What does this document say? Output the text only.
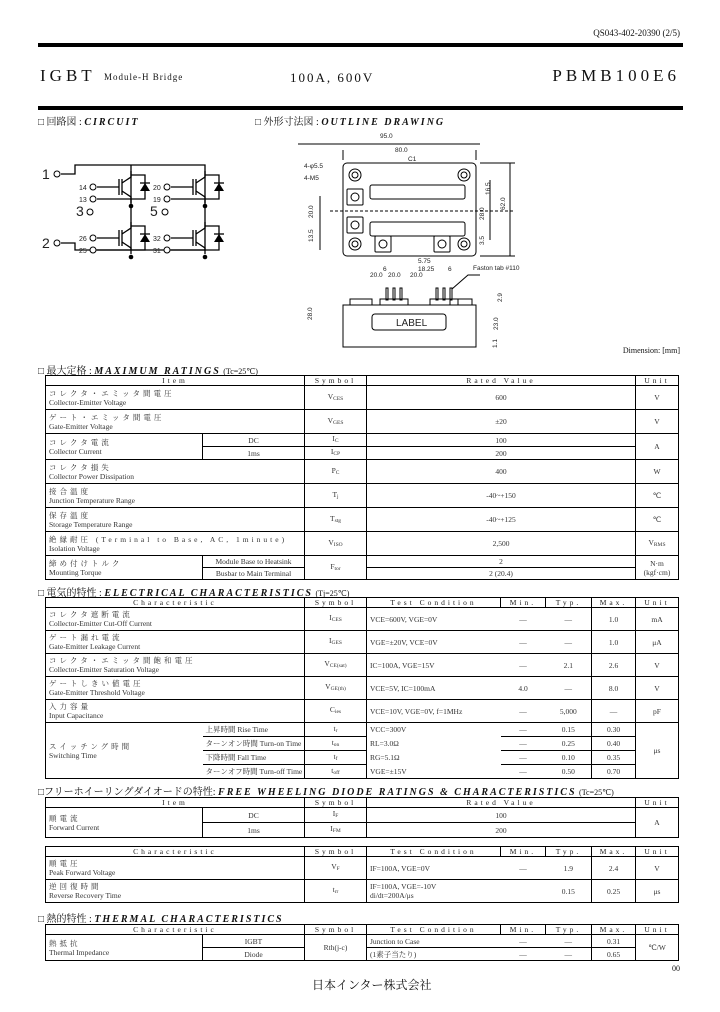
QS043-402-20390 (2/5)
IGBT Module-H Bridge	100A, 600V	PBMB100E6
□ 回路図 : CIRCUIT	□ 外形寸法図 : OUTLINE DRAWING
14
13
26
25
20
19
32
31
1
2
3	5
95.0
80.0
C1
4-φ5.5
4-M5
16.5
28.0
62.0
3.5
20.0
13.5
5.75
18.25
20.0 20.0 20.0
6	6	Faston tab #110
28.0
23.0
2.9
1.1
LABEL
Dimension: [mm]
□ 最大定格 : MAXIMUM RATINGS (Tc=25℃)
Item		Symbol	Rated Value	Unit

コレクタ・エミッタ間電圧
Collector-Emitter Voltage		$V_{CES}$	600	V

ゲート・エミッタ間電圧
Gate-Emitter Voltage		$V_{GES}$	±20	V

コレクタ電流
Collector Current	DC	$I_C$	100	A
	1ms	$I_{CP}$	200	

コレクタ損失
Collector Power Dissipation		$P_C$	400	W

接合温度
Junction Temperature Range		$T_j$	-40~+150	℃

保存温度
Storage Temperature Range		$T_{stg}$	-40~+125	℃

絶縁耐圧 (Terminal to Base, AC, 1minute)
Isolation Voltage		$V_{ISO}$	2,500	$V_{RMS}$

締め付けトルク
Mounting Torque	Module Base to Heatsink	$F_{tor}$	2	N·m (kgf·cm)
	Busbar to Main Terminal		2 (20.4)	
□ 電気的特性 : ELECTRICAL CHARACTERISTICS (Tj=25℃)
Characteristic		Symbol	Test Condition	Min.	Typ.	Max.	Unit

コレクタ遮断電流
Collector-Emitter Cut-Off Current		$I_{CES}$	VCE=600V, VGE=0V	—	—	1.0	mA

ゲート漏れ電流
Gate-Emitter Leakage Current		$I_{GES}$	VGE=±20V, VCE=0V	—	—	1.0	μA

コレクタ・エミッタ間飽和電圧
Collector-Emitter Saturation Voltage		$V_{CE(sat)}$	IC=100A, VGE=15V	—	2.1	2.6	V

ゲートしきい値電圧
Gate-Emitter Threshold Voltage		$V_{GE(th)}$	VCE=5V, IC=100mA	4.0	—	8.0	V

入力容量
Input Capacitance		$C_{ies}$	VCE=10V, VGE=0V, f=1MHz	—	5,000	—	pF

スイッチング時間
Switching Time	上昇時間 Rise Time	$t_r$	VCC=300V	—	0.15	0.30	μs
	ターンオン時間 Turn-on Time	$t_{on}$	RL=3.0Ω	—	0.25	0.40	
	下降時間 Fall Time	$t_f$	RG=5.1Ω	—	0.10	0.35	
	ターンオフ時間 Turn-off Time	$t_{off}$	VGE=±15V	—	0.50	0.70	
□フリーホイーリングダイオードの特性: FREE WHEELING DIODE RATINGS & CHARACTERISTICS (Tc=25℃)
Item		Symbol	Rated Value	Unit

順電流
Forward Current	DC	$I_F$	100	A
	1ms	$I_{FM}$	200	
Characteristic	Symbol	Test Condition	Min.	Typ.	Max.	Unit

順電圧
Peak Forward Voltage	$V_F$	IF=100A, VGE=0V	—	1.9	2.4	V

逆回復時間
Reverse Recovery Time	$t_{rr}$	IF=100A, VGE=-10V
di/dt=200A/μs		0.15	0.25	μs
□ 熱的特性 : THERMAL CHARACTERISTICS
Characteristic		Symbol	Test Condition	Min.	Typ.	Max.	Unit

熱抵抗
Thermal Impedance	IGBT	Rth(j-c)	Junction to Case	—	—	0.31	℃/W
	Diode		(1素子当たり)	—	—	0.65	
00
日本インター株式会社
